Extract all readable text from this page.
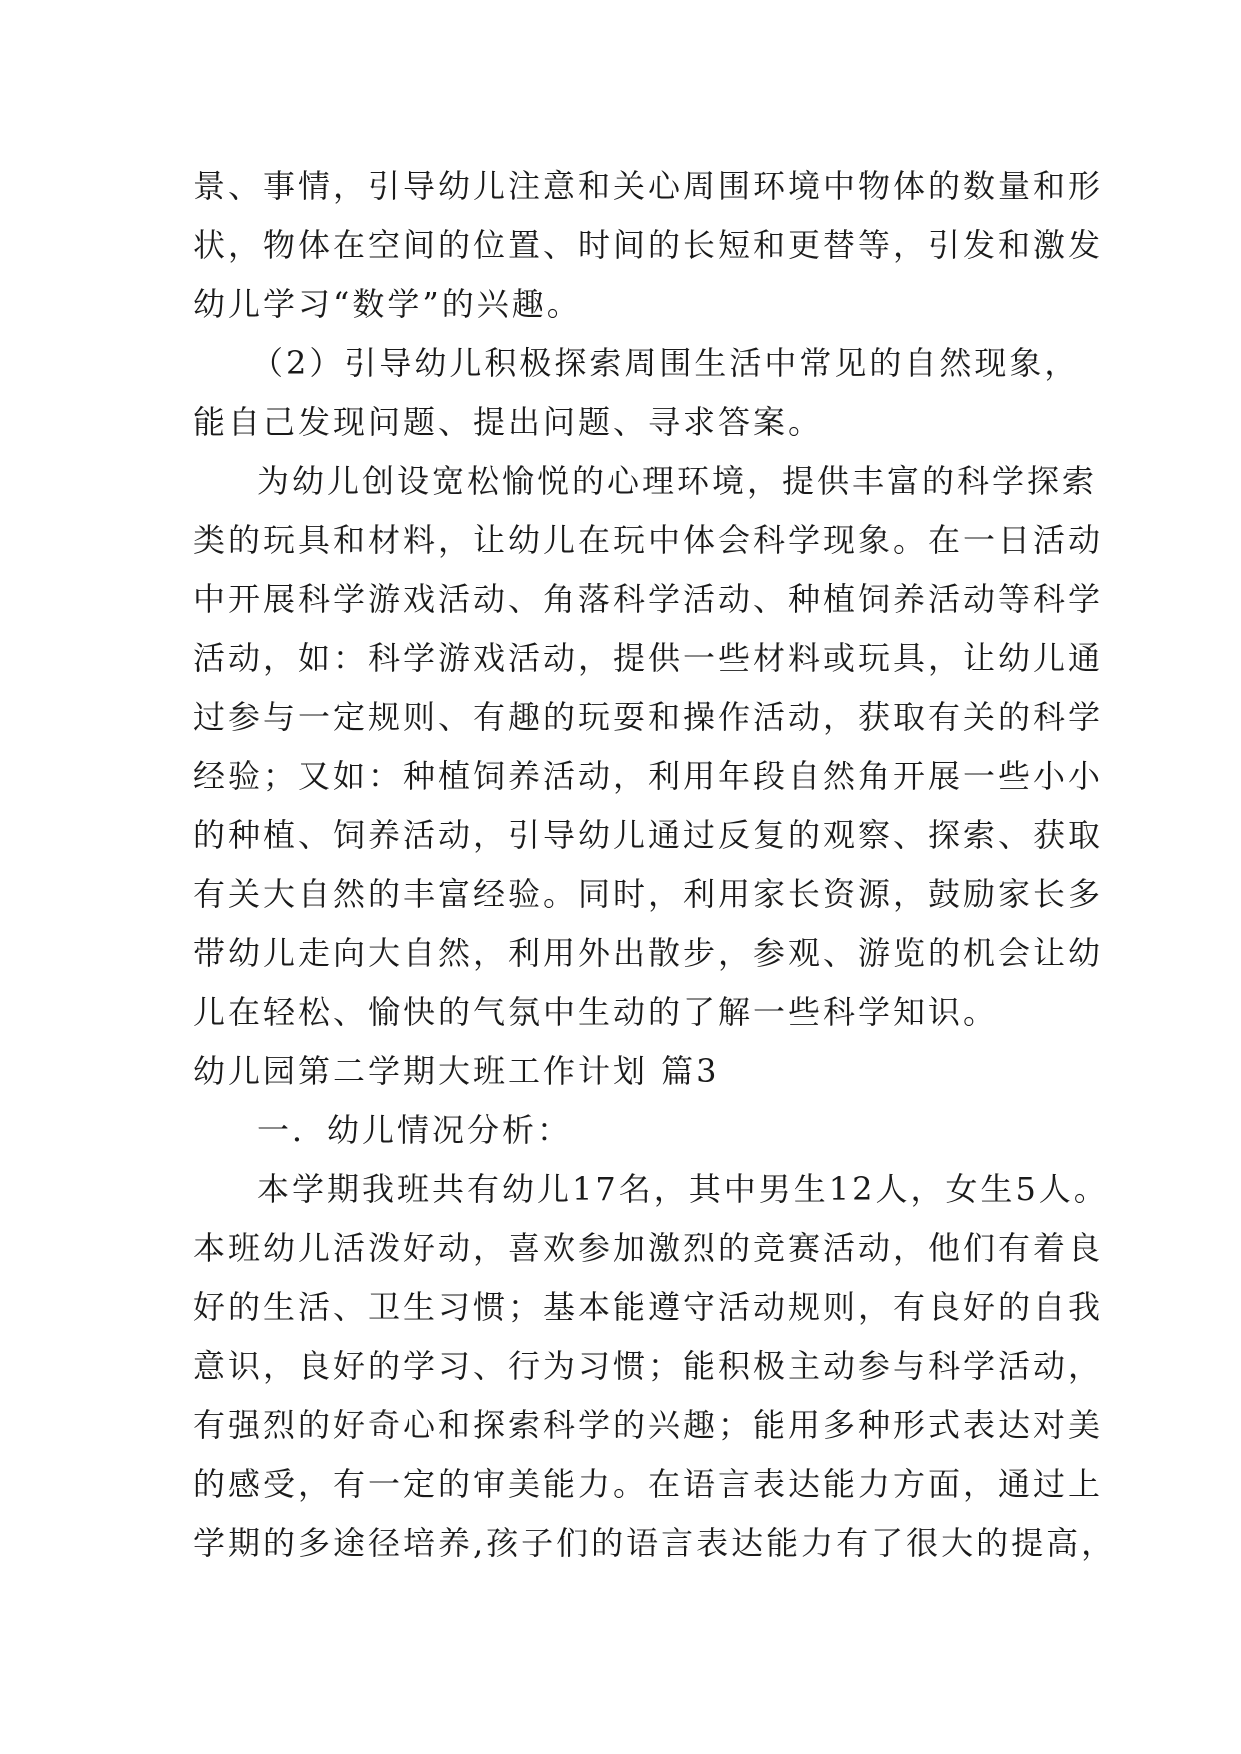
景、事情，引导幼儿注意和关心周围环境中物体的数量和形
状，物体在空间的位置、时间的长短和更替等，引发和激发
幼儿学习“数学”的兴趣。
（2）引导幼儿积极探索周围生活中常见的自然现象，
能自己发现问题、提出问题、寻求答案。
为幼儿创设宽松愉悦的心理环境，提供丰富的科学探索
类的玩具和材料，让幼儿在玩中体会科学现象。在一日活动
中开展科学游戏活动、角落科学活动、种植饲养活动等科学
活动，如：科学游戏活动，提供一些材料或玩具，让幼儿通
过参与一定规则、有趣的玩耍和操作活动，获取有关的科学
经验；又如：种植饲养活动，利用年段自然角开展一些小小
的种植、饲养活动，引导幼儿通过反复的观察、探索、获取
有关大自然的丰富经验。同时，利用家长资源，鼓励家长多
带幼儿走向大自然，利用外出散步，参观、游览的机会让幼
儿在轻松、愉快的气氛中生动的了解一些科学知识。
幼儿园第二学期大班工作计划 篇3
一．幼儿情况分析：
本学期我班共有幼儿17名，其中男生12人，女生5人。
本班幼儿活泼好动，喜欢参加激烈的竞赛活动，他们有着良
好的生活、卫生习惯；基本能遵守活动规则，有良好的自我
意识，良好的学习、行为习惯；能积极主动参与科学活动，
有强烈的好奇心和探索科学的兴趣；能用多种形式表达对美
的感受，有一定的审美能力。在语言表达能力方面，通过上
学期的多途径培养,孩子们的语言表达能力有了很大的提高，
